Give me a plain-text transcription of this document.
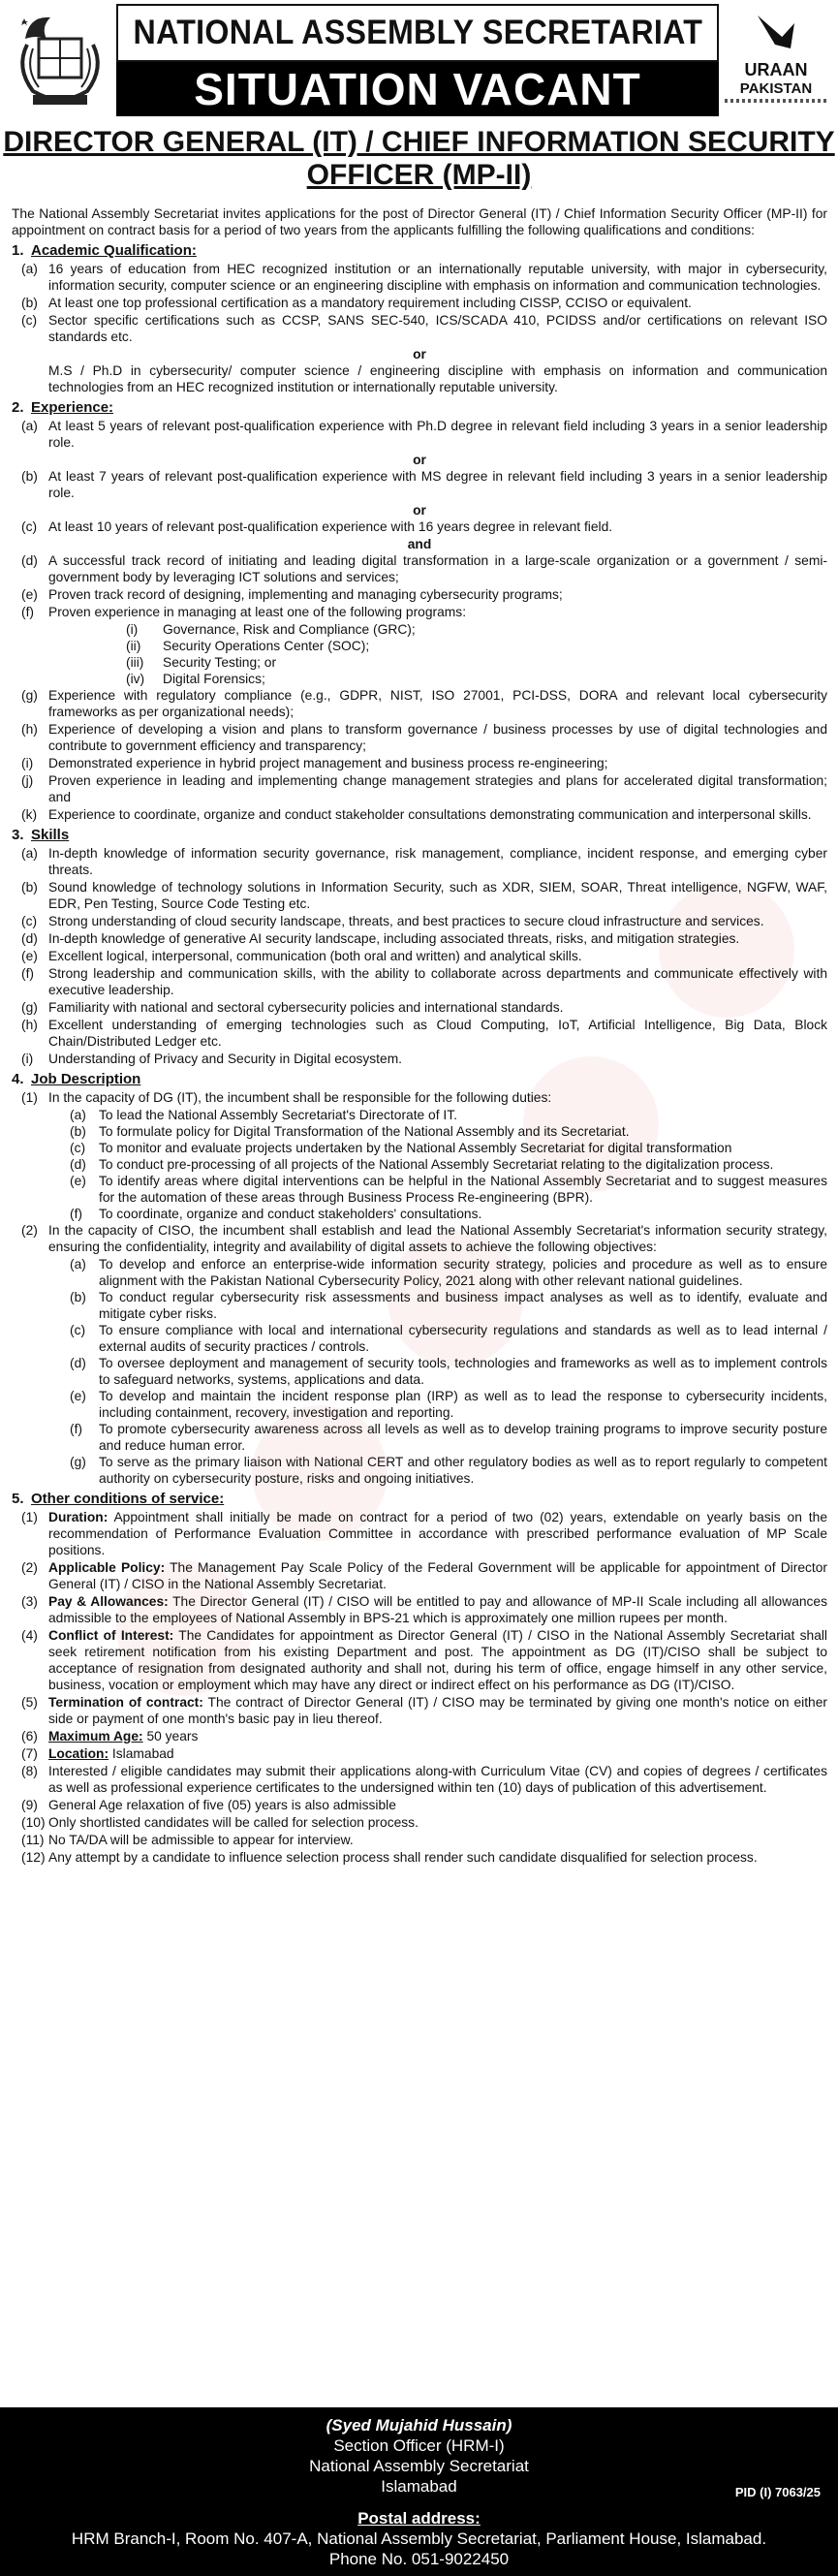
NATIONAL ASSEMBLY SECRETARIAT
SITUATION VACANT	URAAN
PAKISTAN
DIRECTOR GENERAL (IT) / CHIEF INFORMATION SECURITY OFFICER (MP-II)

The National Assembly Secretariat invites applications for the post of Director General (IT) / Chief Information Security Officer (MP-II) for appointment on contract basis for a period of two years from the applicants fulfilling the following qualifications and conditions:

1. Academic Qualification:
(a) 16 years of education from HEC recognized institution or an internationally reputable university, with major in cybersecurity, information security, computer science or an engineering discipline with emphasis on information and communication technologies.
(b) At least one top professional certification as a mandatory requirement including CISSP, CCISO or equivalent.
(c) Sector specific certifications such as CCSP, SANS SEC-540, ICS/SCADA 410, PCIDSS and/or certifications on relevant ISO standards etc.

or

M.S / Ph.D in cybersecurity/ computer science / engineering discipline with emphasis on information and communication technologies from an HEC recognized institution or internationally reputable university.
2. Experience:
(a) At least 5 years of relevant post-qualification experience with Ph.D degree in relevant field including 3 years in a senior leadership role.

or

(b) At least 7 years of relevant post-qualification experience with MS degree in relevant field including 3 years in a senior leadership role.

or

(c) At least 10 years of relevant post-qualification experience with 16 years degree in relevant field.

and

(d) A successful track record of initiating and leading digital transformation in a large-scale organization or a government / semi-government body by leveraging ICT solutions and services;
(e) Proven track record of designing, implementing and managing cybersecurity programs;
(f)	Proven experience in managing at least one of the following programs:
(i)	Governance, Risk and Compliance (GRC);
(ii)	Security Operations Center (SOC);
(iii)	Security Testing; or
(iv)	Digital Forensics;
(g) Experience with regulatory compliance (e.g., GDPR, NIST, ISO 27001, PCI-DSS, DORA and relevant local cybersecurity frameworks as per organizational needs);
(h) Experience of developing a vision and plans to transform governance / business processes by use of digital technologies and contribute to government efficiency and transparency;
(i)	Demonstrated experience in hybrid project management and business process re-engineering;
(j)	Proven experience in leading and implementing change management strategies and plans for accelerated digital transformation; and
(k) Experience to coordinate, organize and conduct stakeholder consultations demonstrating communication and interpersonal skills.
3. Skills
(a) In-depth knowledge of information security governance, risk management, compliance, incident response, and emerging cyber threats.
(b) Sound knowledge of technology solutions in Information Security, such as XDR, SIEM, SOAR, Threat intelligence, NGFW, WAF, EDR, Pen Testing, Source Code Testing etc.
(c) Strong understanding of cloud security landscape, threats, and best practices to secure cloud infrastructure and services.
(d) In-depth knowledge of generative AI security landscape, including associated threats, risks, and mitigation strategies.
(e) Excellent logical, interpersonal, communication (both oral and written) and analytical skills.
(f)	Strong leadership and communication skills, with the ability to collaborate across departments and communicate effectively with executive leadership.
(g) Familiarity with national and sectoral cybersecurity policies and international standards.
(h) Excellent understanding of emerging technologies such as Cloud Computing, IoT, Artificial Intelligence, Big Data, Block Chain/Distributed Ledger etc.
(i)	Understanding of Privacy and Security in Digital ecosystem.
4. Job Description
(1) In the capacity of DG (IT), the incumbent shall be responsible for the following duties:
(a) To lead the National Assembly Secretariat's Directorate of IT.
(b) To formulate policy for Digital Transformation of the National Assembly and its Secretariat.
(c)	To monitor and evaluate projects undertaken by the National Assembly Secretariat for digital transformation
(d) To conduct pre-processing of all projects of the National Assembly Secretariat relating to the digitalization process.
(e) To identify areas where digital interventions can be helpful in the National Assembly Secretariat and to suggest measures for the automation of these areas through Business Process Re-engineering (BPR).
(f)	To coordinate, organize and conduct stakeholders' consultations.
(2) In the capacity of CISO, the incumbent shall establish and lead the National Assembly Secretariat's information security strategy, ensuring the confidentiality, integrity and availability of digital assets to achieve the following objectives:
(a) To develop and enforce an enterprise-wide information security strategy, policies and procedure as well as to ensure alignment with the Pakistan National Cybersecurity Policy, 2021 along with other relevant national guidelines.
(b) To conduct regular cybersecurity risk assessments and business impact analyses as well as to identify, evaluate and mitigate cyber risks.
(c)	To ensure compliance with local and international cybersecurity regulations and standards as well as to lead internal / external audits of security practices / controls.
(d) To oversee deployment and management of security tools, technologies and frameworks as well as to implement controls to safeguard networks, systems, applications and data.
(e) To develop and maintain the incident response plan (IRP) as well as to lead the response to cybersecurity incidents, including containment, recovery, investigation and reporting.
(f)	To promote cybersecurity awareness across all levels as well as to develop training programs to improve security posture and reduce human error.
(g) To serve as the primary liaison with National CERT and other regulatory bodies as well as to report regularly to competent authority on cybersecurity posture, risks and ongoing initiatives.
5. Other conditions of service:
(1) Duration: Appointment shall initially be made on contract for a period of two (02) years, extendable on yearly basis on the recommendation of Performance Evaluation Committee in accordance with prescribed performance evaluation of MP Scale positions.
(2) Applicable Policy: The Management Pay Scale Policy of the Federal Government will be applicable for appointment of Director General (IT) / CISO in the National Assembly Secretariat.
(3) Pay & Allowances: The Director General (IT) / CISO will be entitled to pay and allowance of MP-II Scale including all allowances admissible to the employees of National Assembly in BPS-21 which is approximately one million rupees per month.
(4) Conflict of Interest: The Candidates for appointment as Director General (IT) / CISO in the National Assembly Secretariat shall seek retirement notification from his existing Department and post. The appointment as DG (IT)/CISO shall be subject to acceptance of resignation from designated authority and shall not, during his term of office, engage himself in any other service, business, vocation or employment which may have any direct or indirect effect on his performance as DG (IT)/CISO.
(5) Termination of contract: The contract of Director General (IT) / CISO may be terminated by giving one month's notice on either side or payment of one month's basic pay in lieu thereof.
(6) Maximum Age: 50 years
(7) Location: Islamabad
(8) Interested / eligible candidates may submit their applications along-with Curriculum Vitae (CV) and copies of degrees / certificates as well as professional experience certificates to the undersigned within ten (10) days of publication of this advertisement.
(9) General Age relaxation of five (05) years is also admissible
(10) Only shortlisted candidates will be called for selection process.
(11) No TA/DA will be admissible to appear for interview.
(12) Any attempt by a candidate to influence selection process shall render such candidate disqualified for selection process.
(Syed Mujahid Hussain)
Section Officer (HRM-I)
National Assembly Secretariat
Islamabad	PID (I) 7063/25
Postal address:
HRM Branch-I, Room No. 407-A, National Assembly Secretariat, Parliament House, Islamabad.
Phone No. 051-9022450
